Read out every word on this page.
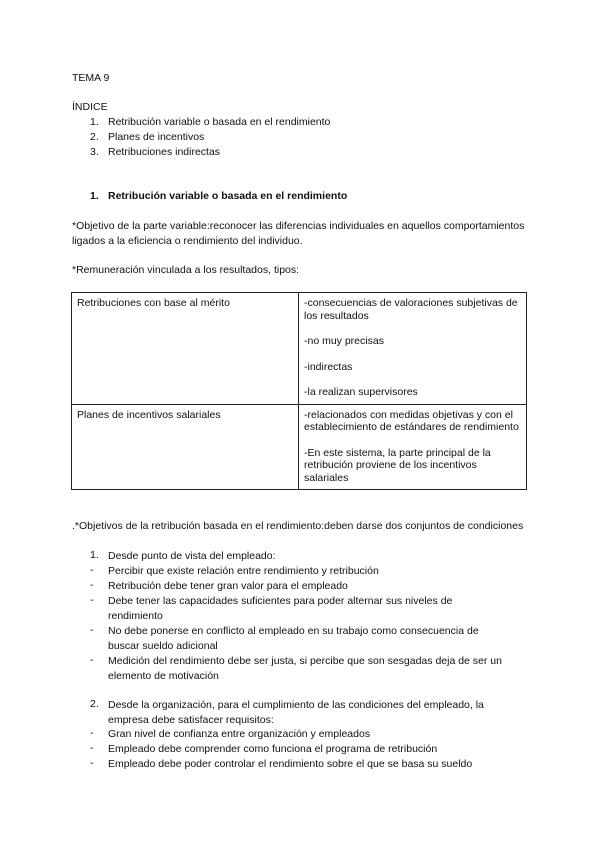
TEMA 9
ÍNDICE
1. Retribución variable o basada en el rendimiento
2. Planes de incentivos
3. Retribuciones indirectas
1. Retribución variable o basada en el rendimiento
*Objetivo de la parte variable:reconocer las diferencias individuales en aquellos comportamientos ligados a la eficiencia o rendimiento del individuo.
*Remuneración vinculada a los resultados, tipos:
Retribuciones con base al mérito	-consecuencias de valoraciones subjetivas de los resultados
-no muy precisas
-indirectas
-la realizan supervisores

Planes de incentivos salariales	-relacionados con medidas objetivas y con el establecimiento de estándares de rendimiento
-En este sistema, la parte principal de la retribución proviene de los incentivos salariales
.*Objetivos de la retribución basada en el rendimiento:deben darse dos conjuntos de condiciones
1. Desde punto de vista del empleado:
- Percibir que existe relación entre rendimiento y retribución
- Retribución debe tener gran valor para el empleado
- Debe tener las capacidades suficientes para poder alternar sus niveles de rendimiento
- No debe ponerse en conflicto al empleado en su trabajo como consecuencia de buscar sueldo adicional
- Medición del rendimiento debe ser justa, si percibe que son sesgadas deja de ser un elemento de motivación
2. Desde la organización, para el cumplimiento de las condiciones del empleado, la empresa debe satisfacer requisitos:
- Gran nivel de confianza entre organización y empleados
- Empleado debe comprender como funciona el programa de retribución
- Empleado debe poder controlar el rendimiento sobre el que se basa su sueldo
